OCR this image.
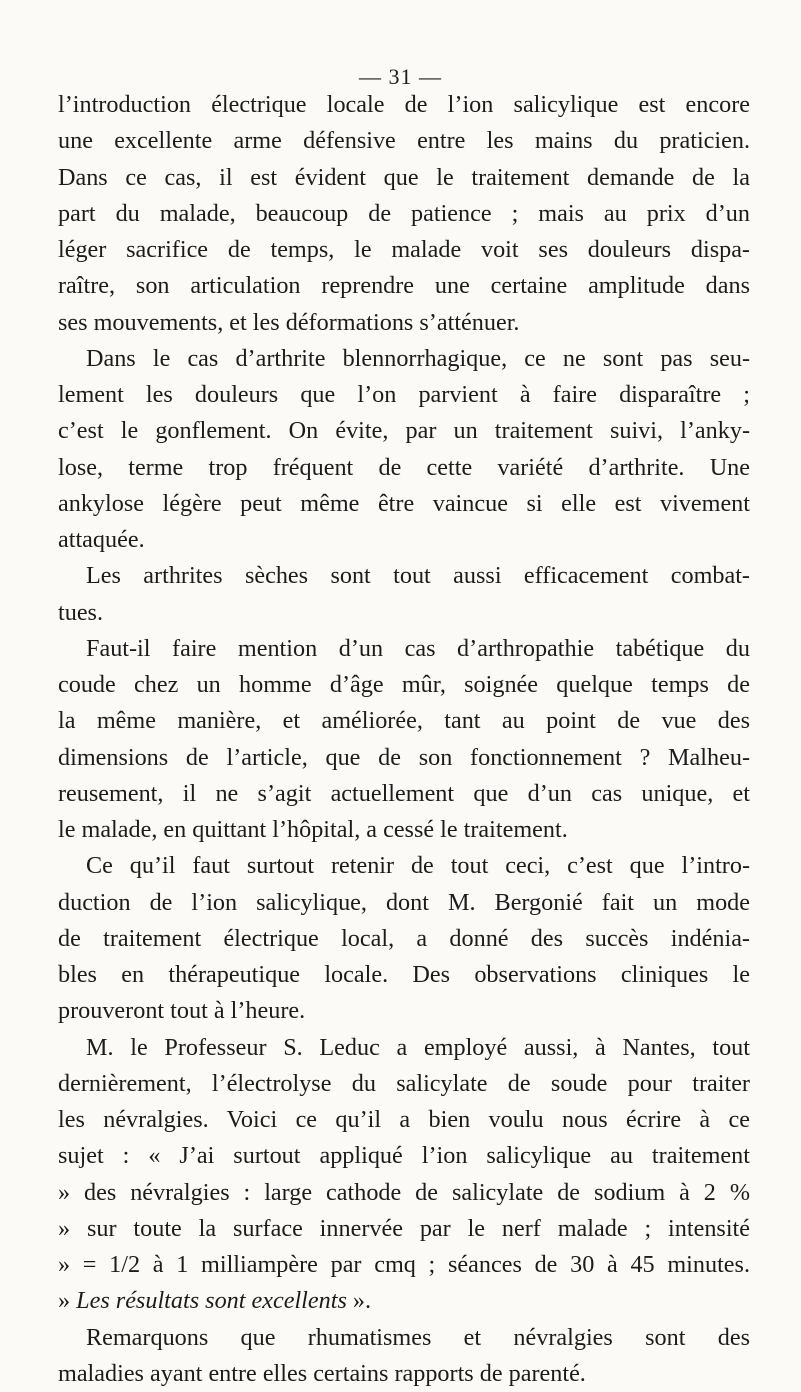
— 31 —
l’introduction électrique locale de l’ion salicylique est encore
une excellente arme défensive entre les mains du praticien.
Dans ce cas, il est évident que le traitement demande de la
part du malade, beaucoup de patience ; mais au prix d’un
léger sacrifice de temps, le malade voit ses douleurs dispa-
raître, son articulation reprendre une certaine amplitude dans
ses mouvements, et les déformations s’atténuer.
Dans le cas d’arthrite blennorrhagique, ce ne sont pas seu-
lement les douleurs que l’on parvient à faire disparaître ;
c’est le gonflement. On évite, par un traitement suivi, l’anky-
lose, terme trop fréquent de cette variété d’arthrite. Une
ankylose légère peut même être vaincue si elle est vivement
attaquée.
Les arthrites sèches sont tout aussi efficacement combat-
tues.
Faut-il faire mention d’un cas d’arthropathie tabétique du
coude chez un homme d’âge mûr, soignée quelque temps de
la même manière, et améliorée, tant au point de vue des
dimensions de l’article, que de son fonctionnement ? Malheu-
reusement, il ne s’agit actuellement que d’un cas unique, et
le malade, en quittant l’hôpital, a cessé le traitement.
Ce qu’il faut surtout retenir de tout ceci, c’est que l’intro-
duction de l’ion salicylique, dont M. Bergonié fait un mode
de traitement électrique local, a donné des succès indénia-
bles en thérapeutique locale. Des observations cliniques le
prouveront tout à l’heure.
M. le Professeur S. Leduc a employé aussi, à Nantes, tout
dernièrement, l’électrolyse du salicylate de soude pour traiter
les névralgies. Voici ce qu’il a bien voulu nous écrire à ce
sujet : « J’ai surtout appliqué l’ion salicylique au traitement
» des névralgies : large cathode de salicylate de sodium à 2 %
» sur toute la surface innervée par le nerf malade ; intensité
» = 1/2 à 1 milliampère par cmq ; séances de 30 à 45 minutes.
» Les résultats sont excellents ».
Remarquons que rhumatismes et névralgies sont des
maladies ayant entre elles certains rapports de parenté.
